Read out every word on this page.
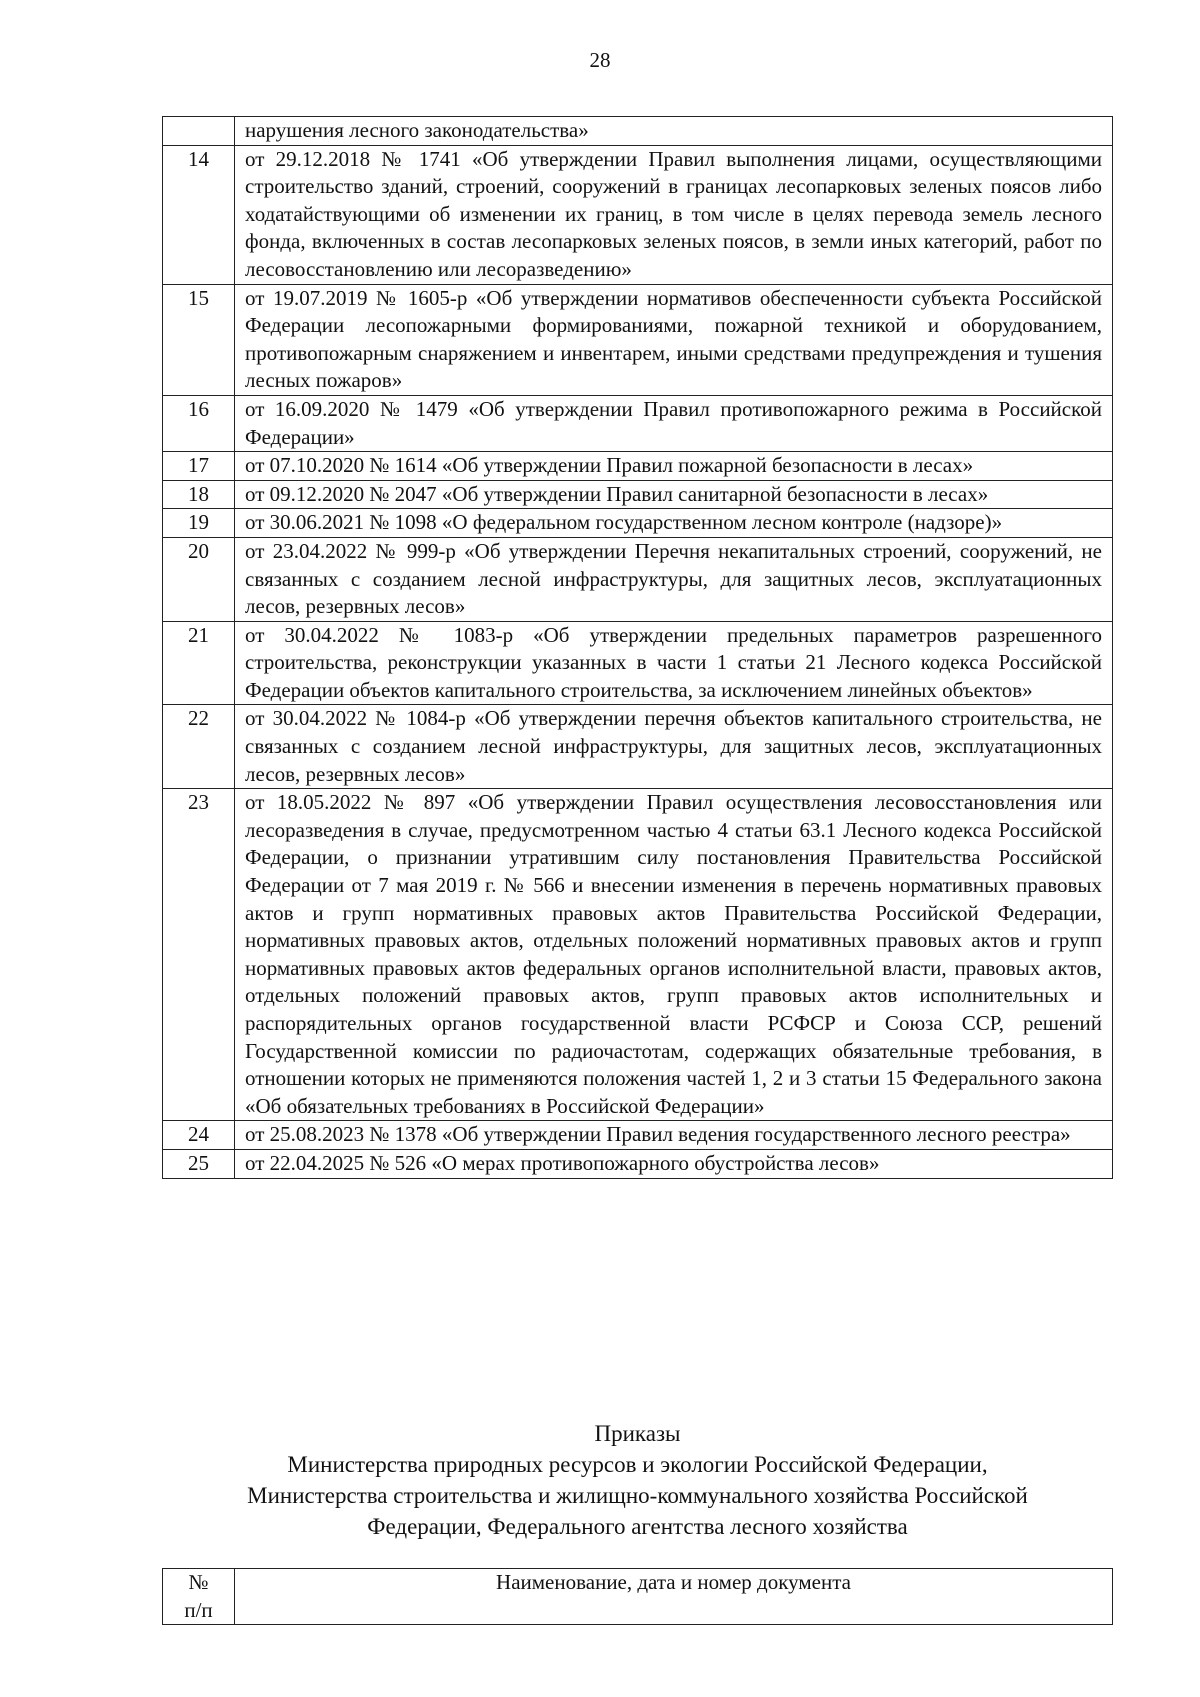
28
	нарушения лесного законодательства»
14	от 29.12.2018 № 1741 «Об утверждении Правил выполнения лицами, осуществляющими строительство зданий, строений, сооружений в границах лесопарковых зеленых поясов либо ходатайствующими об изменении их границ, в том числе в целях перевода земель лесного фонда, включенных в состав лесопарковых зеленых поясов, в земли иных категорий, работ по лесовосстановлению или лесоразведению»
15	от 19.07.2019 № 1605-р «Об утверждении нормативов обеспеченности субъекта Российской Федерации лесопожарными формированиями, пожарной техникой и оборудованием, противопожарным снаряжением и инвентарем, иными средствами предупреждения и тушения лесных пожаров»
16	от 16.09.2020 № 1479 «Об утверждении Правил противопожарного режима в Российской Федерации»
17	от 07.10.2020 № 1614 «Об утверждении Правил пожарной безопасности в лесах»
18	от 09.12.2020 № 2047 «Об утверждении Правил санитарной безопасности в лесах»
19	от 30.06.2021 № 1098 «О федеральном государственном лесном контроле (надзоре)»
20	от 23.04.2022 № 999-р «Об утверждении Перечня некапитальных строений, сооружений, не связанных с созданием лесной инфраструктуры, для защитных лесов, эксплуатационных лесов, резервных лесов»
21	от 30.04.2022 № 1083-р «Об утверждении предельных параметров разрешенного строительства, реконструкции указанных в части 1 статьи 21 Лесного кодекса Российской Федерации объектов капитального строительства, за исключением линейных объектов»
22	от 30.04.2022 № 1084-р «Об утверждении перечня объектов капитального строительства, не связанных с созданием лесной инфраструктуры, для защитных лесов, эксплуатационных лесов, резервных лесов»
23	от 18.05.2022 № 897 «Об утверждении Правил осуществления лесовосстановления или лесоразведения в случае, предусмотренном частью 4 статьи 63.1 Лесного кодекса Российской Федерации, о признании утратившим силу постановления Правительства Российской Федерации от 7 мая 2019 г. № 566 и внесении изменения в перечень нормативных правовых актов и групп нормативных правовых актов Правительства Российской Федерации, нормативных правовых актов, отдельных положений нормативных правовых актов и групп нормативных правовых актов федеральных органов исполнительной власти, правовых актов, отдельных положений правовых актов, групп правовых актов исполнительных и распорядительных органов государственной власти РСФСР и Союза ССР, решений Государственной комиссии по радиочастотам, содержащих обязательные требования, в отношении которых не применяются положения частей 1, 2 и 3 статьи 15 Федерального закона «Об обязательных требованиях в Российской Федерации»
24	от 25.08.2023 № 1378 «Об утверждении Правил ведения государственного лесного реестра»
25	от 22.04.2025 № 526 «О мерах противопожарного обустройства лесов»
Приказы
Министерства природных ресурсов и экологии Российской Федерации,
Министерства строительства и жилищно-коммунального хозяйства Российской
Федерации, Федерального агентства лесного хозяйства
№
п/п
	Наименование, дата и номер документа
